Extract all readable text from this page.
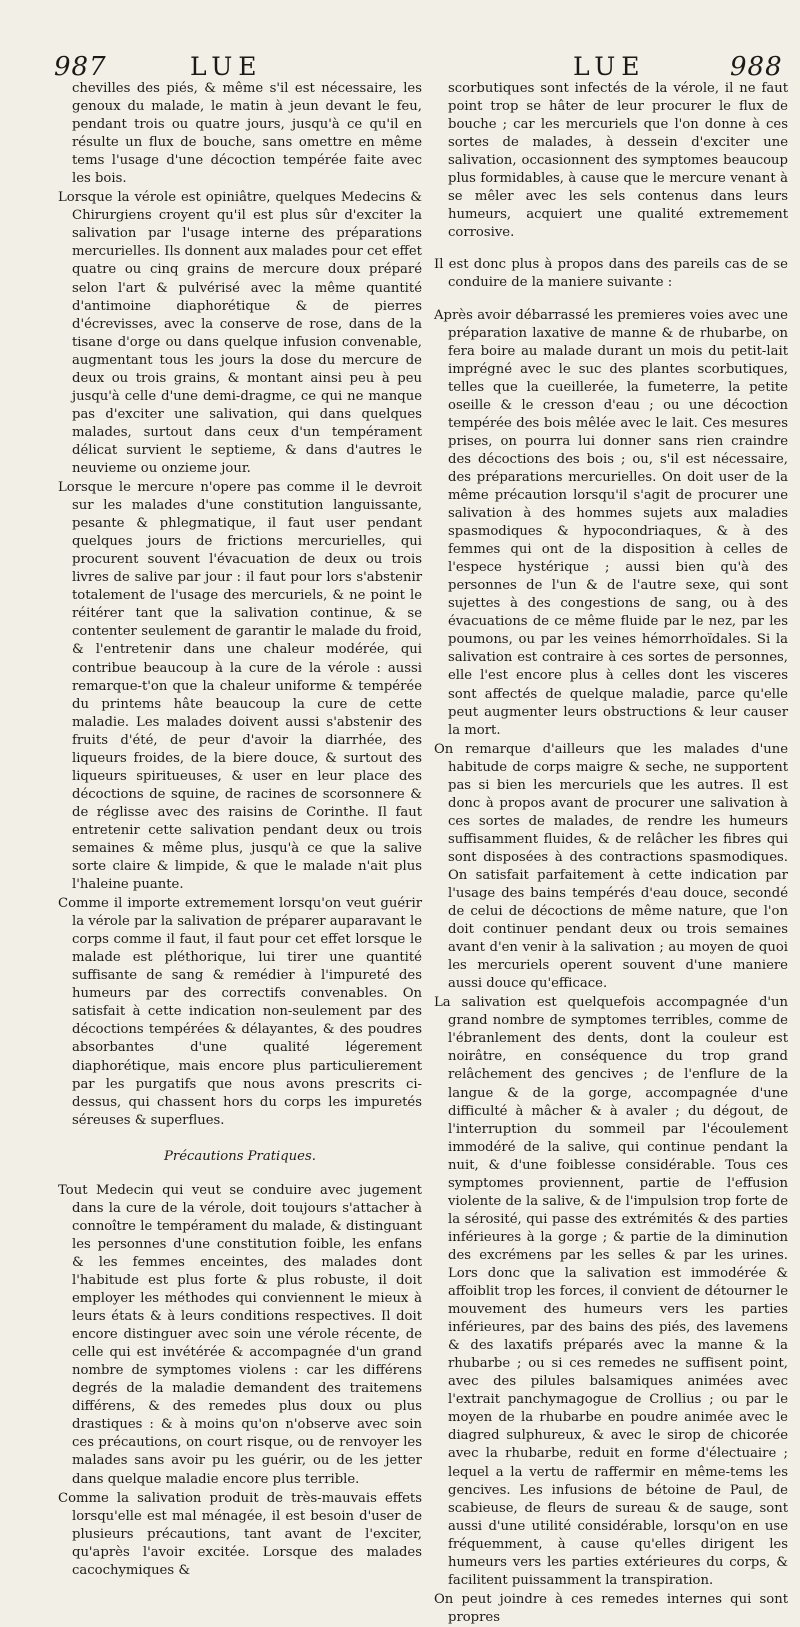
987	LUE	LUE	988

chevilles des piés, & même s'il est nécessaire, les genoux du malade, le matin à jeun devant le feu, pendant trois ou quatre jours, jusqu'à ce qu'il en résulte un flux de bouche, sans omettre en même tems l'usage d'une décoction tempérée faite avec les bois.

Lorsque la vérole est opiniâtre, quelques Medecins & Chirurgiens croyent qu'il est plus sûr d'exciter la salivation par l'usage interne des préparations mercurielles. Ils donnent aux malades pour cet effet quatre ou cinq grains de mercure doux préparé selon l'art & pulvérisé avec la même quantité d'antimoine diaphorétique & de pierres d'écrevisses, avec la conserve de rose, dans de la tisane d'orge ou dans quelque infusion convenable, augmentant tous les jours la dose du mercure de deux ou trois grains, & montant ainsi peu à peu jusqu'à celle d'une demi-dragme, ce qui ne manque pas d'exciter une salivation, qui dans quelques malades, surtout dans ceux d'un tempérament délicat survient le septieme, & dans d'autres le neuvieme ou onzieme jour.

Lorsque le mercure n'opere pas comme il le devroit sur les malades d'une constitution languissante, pesante & phlegmatique, il faut user pendant quelques jours de frictions mercurielles, qui procurent souvent l'évacuation de deux ou trois livres de salive par jour : il faut pour lors s'abstenir totalement de l'usage des mercuriels, & ne point le réitérer tant que la salivation continue, & se contenter seulement de garantir le malade du froid, & l'entretenir dans une chaleur modérée, qui contribue beaucoup à la cure de la vérole : aussi remarque-t'on que la chaleur uniforme & tempérée du printems hâte beaucoup la cure de cette maladie. Les malades doivent aussi s'abstenir des fruits d'été, de peur d'avoir la diarrhée, des liqueurs froides, de la biere douce, & surtout des liqueurs spiritueuses, & user en leur place des décoctions de squine, de racines de scorsonnere & de réglisse avec des raisins de Corinthe. Il faut entretenir cette salivation pendant deux ou trois semaines & même plus, jusqu'à ce que la salive sorte claire & limpide, & que le malade n'ait plus l'haleine puante.

Comme il importe extremement lorsqu'on veut guérir la vérole par la salivation de préparer auparavant le corps comme il faut, il faut pour cet effet lorsque le malade est pléthorique, lui tirer une quantité suffisante de sang & remédier à l'impureté des humeurs par des correctifs convenables. On satisfait à cette indication non-seulement par des décoctions tempérées & délayantes, & des poudres absorbantes d'une qualité légerement diaphorétique, mais encore plus particulierement par les purgatifs que nous avons prescrits ci-dessus, qui chassent hors du corps les impuretés séreuses & superflues.

Précautions Pratiques.

Tout Medecin qui veut se conduire avec jugement dans la cure de la vérole, doit toujours s'attacher à connoître le tempérament du malade, & distinguant les personnes d'une constitution foible, les enfans & les femmes enceintes, des malades dont l'habitude est plus forte & plus robuste, il doit employer les méthodes qui conviennent le mieux à leurs états & à leurs conditions respectives. Il doit encore distinguer avec soin une vérole récente, de celle qui est invétérée & accompagnée d'un grand nombre de symptomes violens : car les différens degrés de la maladie demandent des traitemens différens, & des remedes plus doux ou plus drastiques : & à moins qu'on n'observe avec soin ces précautions, on court risque, ou de renvoyer les malades sans avoir pu les guérir, ou de les jetter dans quelque maladie encore plus terrible.

Comme la salivation produit de très-mauvais effets lorsqu'elle est mal ménagée, il est besoin d'user de plusieurs précautions, tant avant de l'exciter, qu'après l'avoir excitée. Lorsque des malades cacochymiques &

scorbutiques sont infectés de la vérole, il ne faut point trop se hâter de leur procurer le flux de bouche ; car les mercuriels que l'on donne à ces sortes de malades, à dessein d'exciter une salivation, occasionnent des symptomes beaucoup plus formidables, à cause que le mercure venant à se mêler avec les sels contenus dans leurs humeurs, acquiert une qualité extremement corrosive.

Il est donc plus à propos dans des pareils cas de se conduire de la maniere suivante :

Après avoir débarrassé les premieres voies avec une préparation laxative de manne & de rhubarbe, on fera boire au malade durant un mois du petit-lait imprégné avec le suc des plantes scorbutiques, telles que la cueillerée, la fumeterre, la petite oseille & le cresson d'eau ; ou une décoction tempérée des bois mêlée avec le lait. Ces mesures prises, on pourra lui donner sans rien craindre des décoctions des bois ; ou, s'il est nécessaire, des préparations mercurielles. On doit user de la même précaution lorsqu'il s'agit de procurer une salivation à des hommes sujets aux maladies spasmodiques & hypocondriaques, & à des femmes qui ont de la disposition à celles de l'espece hystérique ; aussi bien qu'à des personnes de l'un & de l'autre sexe, qui sont sujettes à des congestions de sang, ou à des évacuations de ce même fluide par le nez, par les poumons, ou par les veines hémorrhoïdales. Si la salivation est contraire à ces sortes de personnes, elle l'est encore plus à celles dont les visceres sont affectés de quelque maladie, parce qu'elle peut augmenter leurs obstructions & leur causer la mort.

On remarque d'ailleurs que les malades d'une habitude de corps maigre & seche, ne supportent pas si bien les mercuriels que les autres. Il est donc à propos avant de procurer une salivation à ces sortes de malades, de rendre les humeurs suffisamment fluides, & de relâcher les fibres qui sont disposées à des contractions spasmodiques. On satisfait parfaitement à cette indication par l'usage des bains tempérés d'eau douce, secondé de celui de décoctions de même nature, que l'on doit continuer pendant deux ou trois semaines avant d'en venir à la salivation ; au moyen de quoi les mercuriels operent souvent d'une maniere aussi douce qu'efficace.

La salivation est quelquefois accompagnée d'un grand nombre de symptomes terribles, comme de l'ébranlement des dents, dont la couleur est noirâtre, en conséquence du trop grand relâchement des gencives ; de l'enflure de la langue & de la gorge, accompagnée d'une difficulté à mâcher & à avaler ; du dégout, de l'interruption du sommeil par l'écoulement immodéré de la salive, qui continue pendant la nuit, & d'une foiblesse considérable. Tous ces symptomes proviennent, partie de l'effusion violente de la salive, & de l'impulsion trop forte de la sérosité, qui passe des extrémités & des parties inférieures à la gorge ; & partie de la diminution des excrémens par les selles & par les urines. Lors donc que la salivation est immodérée & affoiblit trop les forces, il convient de détourner le mouvement des humeurs vers les parties inférieures, par des bains des piés, des lavemens & des laxatifs préparés avec la manne & la rhubarbe ; ou si ces remedes ne suffisent point, avec des pilules balsamiques animées avec l'extrait panchymagogue de Crollius ; ou par le moyen de la rhubarbe en poudre animée avec le diagred sulphureux, & avec le sirop de chicorée avec la rhubarbe, reduit en forme d'électuaire ; lequel a la vertu de raffermir en même-tems les gencives. Les infusions de bétoine de Paul, de scabieuse, de fleurs de sureau & de sauge, sont aussi d'une utilité considérable, lorsqu'on en use fréquemment, à cause qu'elles dirigent les humeurs vers les parties extérieures du corps, & facilitent puissamment la transpiration.

On peut joindre à ces remedes internes qui sont propres
